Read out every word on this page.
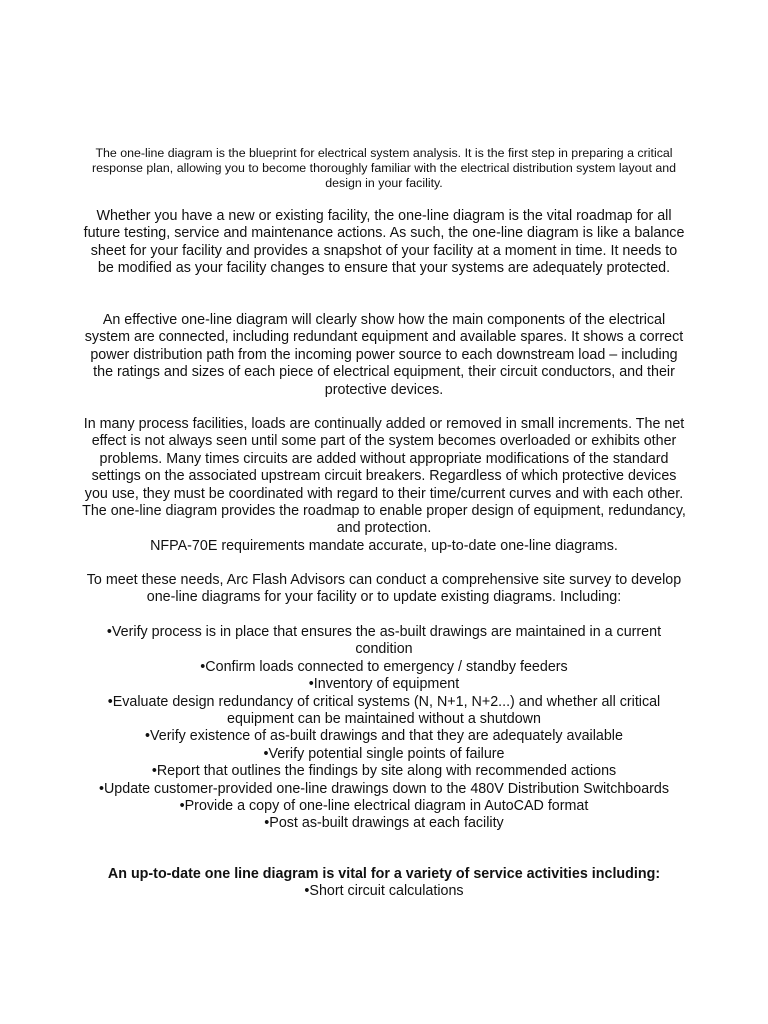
The one-line diagram is the blueprint for electrical system analysis. It is the first step in preparing a critical response plan, allowing you to become thoroughly familiar with the electrical distribution system layout and design in your facility.

Whether you have a new or existing facility, the one-line diagram is the vital roadmap for all future testing, service and maintenance actions. As such, the one-line diagram is like a balance sheet for your facility and provides a snapshot of your facility at a moment in time. It needs to be modified as your facility changes to ensure that your systems are adequately protected.

An effective one-line diagram will clearly show how the main components of the electrical system are connected, including redundant equipment and available spares. It shows a correct power distribution path from the incoming power source to each downstream load – including the ratings and sizes of each piece of electrical equipment, their circuit conductors, and their protective devices.

In many process facilities, loads are continually added or removed in small increments. The net effect is not always seen until some part of the system becomes overloaded or exhibits other problems. Many times circuits are added without appropriate modifications of the standard settings on the associated upstream circuit breakers. Regardless of which protective devices you use, they must be coordinated with regard to their time/current curves and with each other. The one-line diagram provides the roadmap to enable proper design of equipment, redundancy, and protection.
NFPA-70E requirements mandate accurate, up-to-date one-line diagrams.

To meet these needs, Arc Flash Advisors can conduct a comprehensive site survey to develop one-line diagrams for your facility or to update existing diagrams. Including:

•Verify process is in place that ensures the as-built drawings are maintained in a current condition
•Confirm loads connected to emergency / standby feeders
•Inventory of equipment
•Evaluate design redundancy of critical systems (N, N+1, N+2...) and whether all critical equipment can be maintained without a shutdown
•Verify existence of as-built drawings and that they are adequately available
•Verify potential single points of failure
•Report that outlines the findings by site along with recommended actions
•Update customer-provided one-line drawings down to the 480V Distribution Switchboards
•Provide a copy of one-line electrical diagram in AutoCAD format
•Post as-built drawings at each facility

An up-to-date one line diagram is vital for a variety of service activities including:

•Short circuit calculations
